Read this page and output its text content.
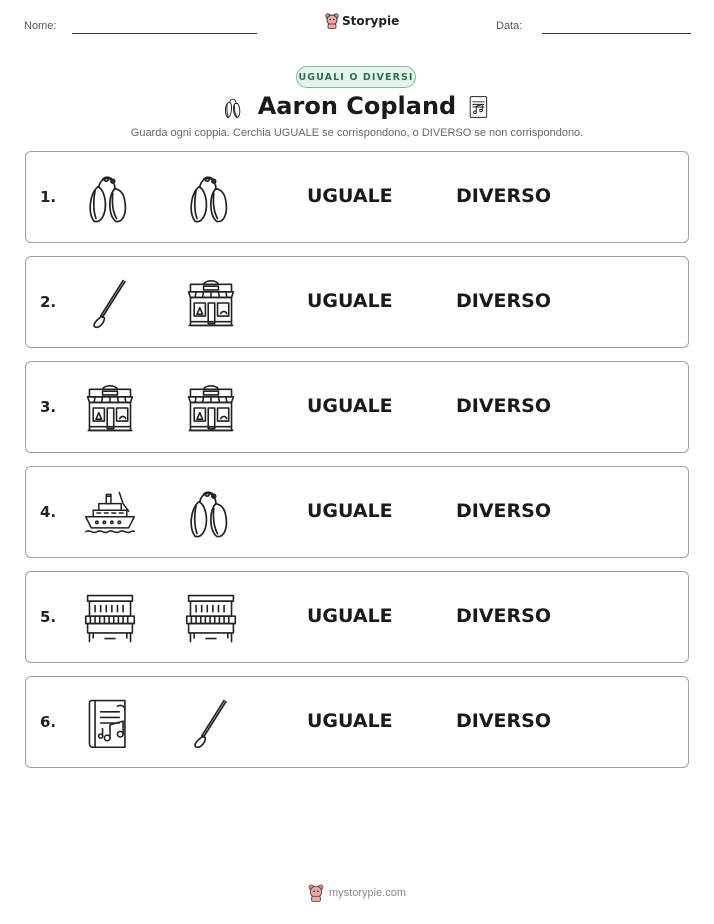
Nome:	Storypie	Data:
UGUALI O DIVERSI
Aaron Copland
Guarda ogni coppia. Cerchia UGUALE se corrispondono, o DIVERSO se non corrispondono.
1.	UGUALE	DIVERSO
2.	UGUALE	DIVERSO
3.	UGUALE	DIVERSO
4.	UGUALE	DIVERSO
5.	UGUALE	DIVERSO
6.	UGUALE	DIVERSO
mystorypie.com
